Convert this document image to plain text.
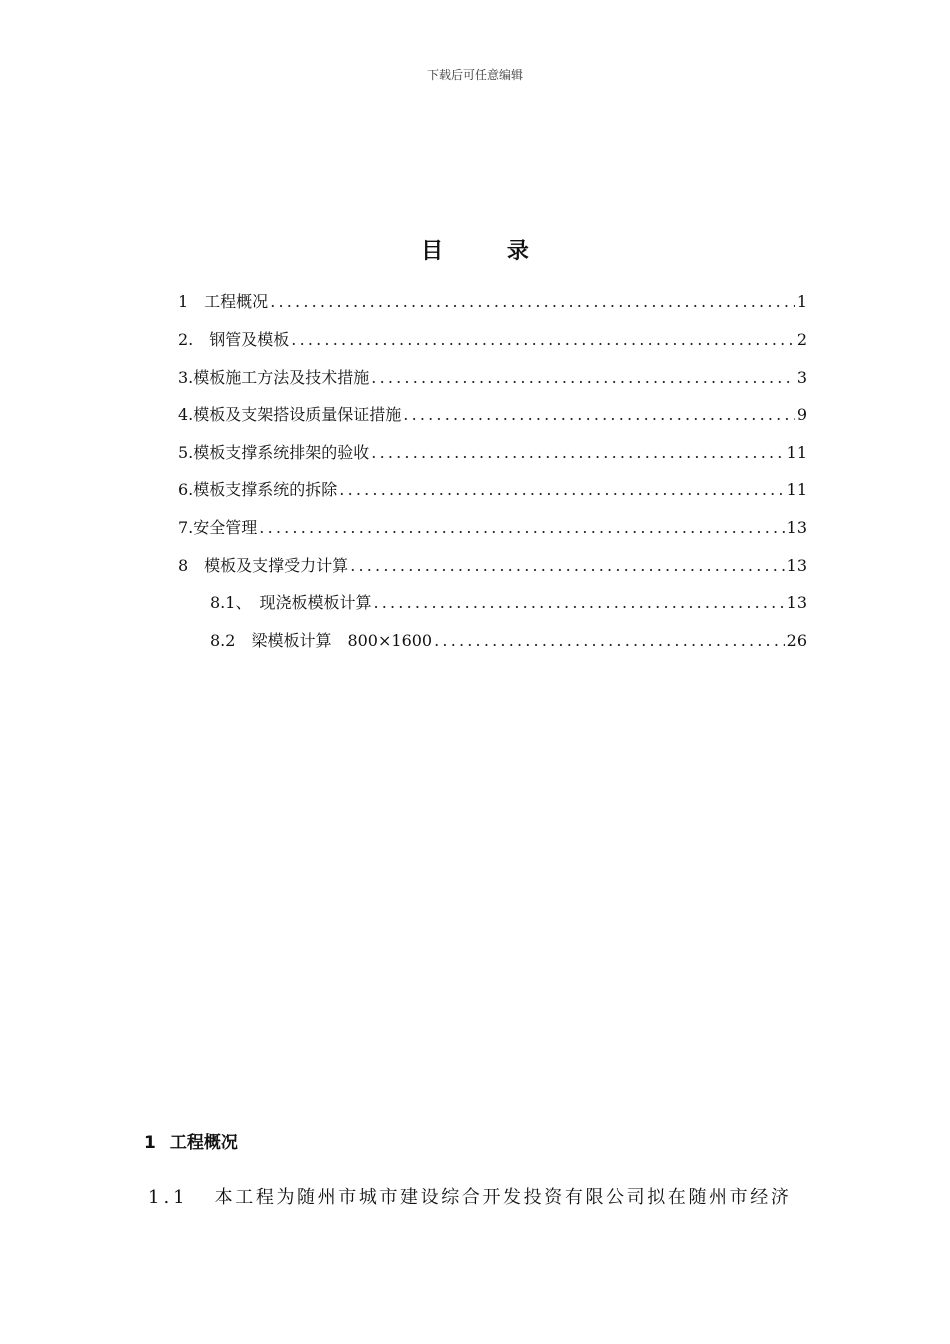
下载后可任意编辑
目 录
1　工程概况 .....	1
2.　钢管及模板 .....	2
3.模板施工方法及技术措施 .....	3
4.模板及支架搭设质量保证措施 .....	9
5.模板支撑系统排架的验收 .....	11
6.模板支撑系统的拆除 .....	11
7.安全管理 .....	13
8　模板及支撑受力计算 .....	13
8.1、　现浇板模板计算 .....	13
8.2　梁模板计算　800×1600 .....	26
1 工程概况
1.1 本工程为随州市城市建设综合开发投资有限公司拟在随州市经济
